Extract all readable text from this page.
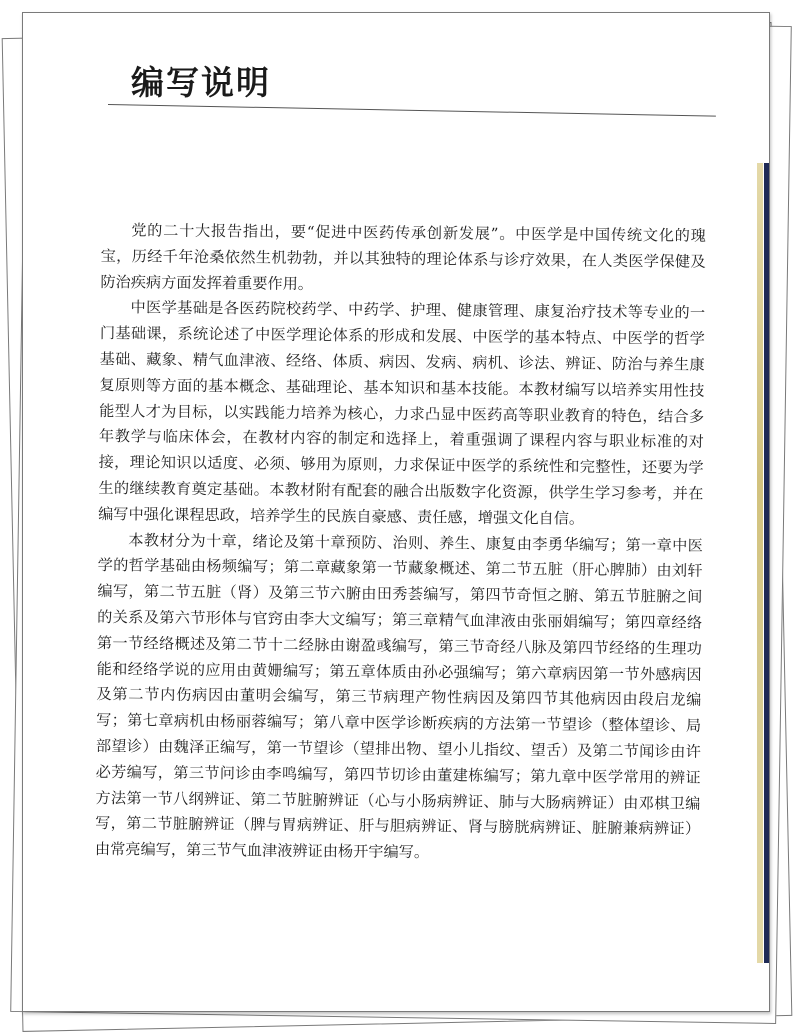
编写说明

党的二十大报告指出，要“促进中医药传承创新发展”。中医学是中国传统文化的瑰宝，历经千年沧桑依然生机勃勃，并以其独特的理论体系与诊疗效果，在人类医学保健及防治疾病方面发挥着重要作用。

中医学基础是各医药院校药学、中药学、护理、健康管理、康复治疗技术等专业的一门基础课，系统论述了中医学理论体系的形成和发展、中医学的基本特点、中医学的哲学基础、藏象、精气血津液、经络、体质、病因、发病、病机、诊法、辨证、防治与养生康复原则等方面的基本概念、基础理论、基本知识和基本技能。本教材编写以培养实用性技能型人才为目标，以实践能力培养为核心，力求凸显中医药高等职业教育的特色，结合多年教学与临床体会，在教材内容的制定和选择上，着重强调了课程内容与职业标准的对接，理论知识以适度、必须、够用为原则，力求保证中医学的系统性和完整性，还要为学生的继续教育奠定基础。本教材附有配套的融合出版数字化资源，供学生学习参考，并在编写中强化课程思政，培养学生的民族自豪感、责任感，增强文化自信。

本教材分为十章，绪论及第十章预防、治则、养生、康复由李勇华编写；第一章中医学的哲学基础由杨频编写；第二章藏象第一节藏象概述、第二节五脏（肝心脾肺）由刘轩编写，第二节五脏（肾）及第三节六腑由田秀荟编写，第四节奇恒之腑、第五节脏腑之间的关系及第六节形体与官窍由李大文编写；第三章精气血津液由张丽娟编写；第四章经络第一节经络概述及第二节十二经脉由谢盈彧编写，第三节奇经八脉及第四节经络的生理功能和经络学说的应用由黄姗编写；第五章体质由孙必强编写；第六章病因第一节外感病因及第二节内伤病因由董明会编写，第三节病理产物性病因及第四节其他病因由段启龙编写；第七章病机由杨丽蓉编写；第八章中医学诊断疾病的方法第一节望诊（整体望诊、局部望诊）由魏泽正编写，第一节望诊（望排出物、望小儿指纹、望舌）及第二节闻诊由许必芳编写，第三节问诊由李鸣编写，第四节切诊由董建栋编写；第九章中医学常用的辨证方法第一节八纲辨证、第二节脏腑辨证（心与小肠病辨证、肺与大肠病辨证）由邓棋卫编写，第二节脏腑辨证（脾与胃病辨证、肝与胆病辨证、肾与膀胱病辨证、脏腑兼病辨证）由常亮编写，第三节气血津液辨证由杨开宇编写。
